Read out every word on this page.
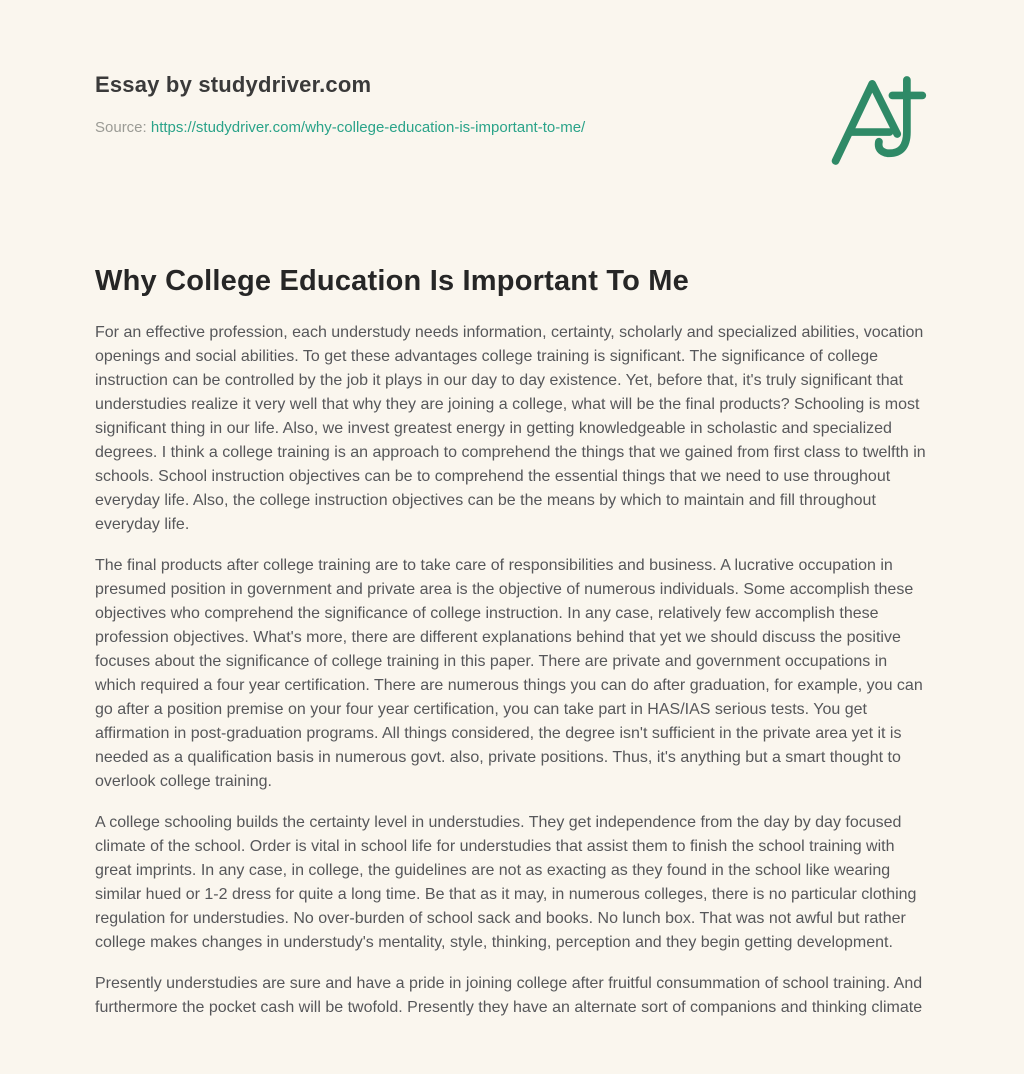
Essay by studydriver.com
Source: https://studydriver.com/why-college-education-is-important-to-me/
Why College Education Is Important To Me

For an effective profession, each understudy needs information, certainty, scholarly and specialized abilities, vocation openings and social abilities. To get these advantages college training is significant. The significance of college instruction can be controlled by the job it plays in our day to day existence. Yet, before that, it's truly significant that understudies realize it very well that why they are joining a college, what will be the final products? Schooling is most significant thing in our life. Also, we invest greatest energy in getting knowledgeable in scholastic and specialized degrees. I think a college training is an approach to comprehend the things that we gained from first class to twelfth in schools. School instruction objectives can be to comprehend the essential things that we need to use throughout everyday life. Also, the college instruction objectives can be the means by which to maintain and fill throughout everyday life.

The final products after college training are to take care of responsibilities and business. A lucrative occupation in presumed position in government and private area is the objective of numerous individuals. Some accomplish these objectives who comprehend the significance of college instruction. In any case, relatively few accomplish these profession objectives. What's more, there are different explanations behind that yet we should discuss the positive focuses about the significance of college training in this paper. There are private and government occupations in which required a four year certification. There are numerous things you can do after graduation, for example, you can go after a position premise on your four year certification, you can take part in HAS/IAS serious tests. You get affirmation in post-graduation programs. All things considered, the degree isn't sufficient in the private area yet it is needed as a qualification basis in numerous govt. also, private positions. Thus, it's anything but a smart thought to overlook college training.

A college schooling builds the certainty level in understudies. They get independence from the day by day focused climate of the school. Order is vital in school life for understudies that assist them to finish the school training with great imprints. In any case, in college, the guidelines are not as exacting as they found in the school like wearing similar hued or 1-2 dress for quite a long time. Be that as it may, in numerous colleges, there is no particular clothing regulation for understudies. No over-burden of school sack and books. No lunch box. That was not awful but rather college makes changes in understudy's mentality, style, thinking, perception and they begin getting development.

Presently understudies are sure and have a pride in joining college after fruitful consummation of school training. And furthermore the pocket cash will be twofold. Presently they have an alternate sort of companions and thinking climate
